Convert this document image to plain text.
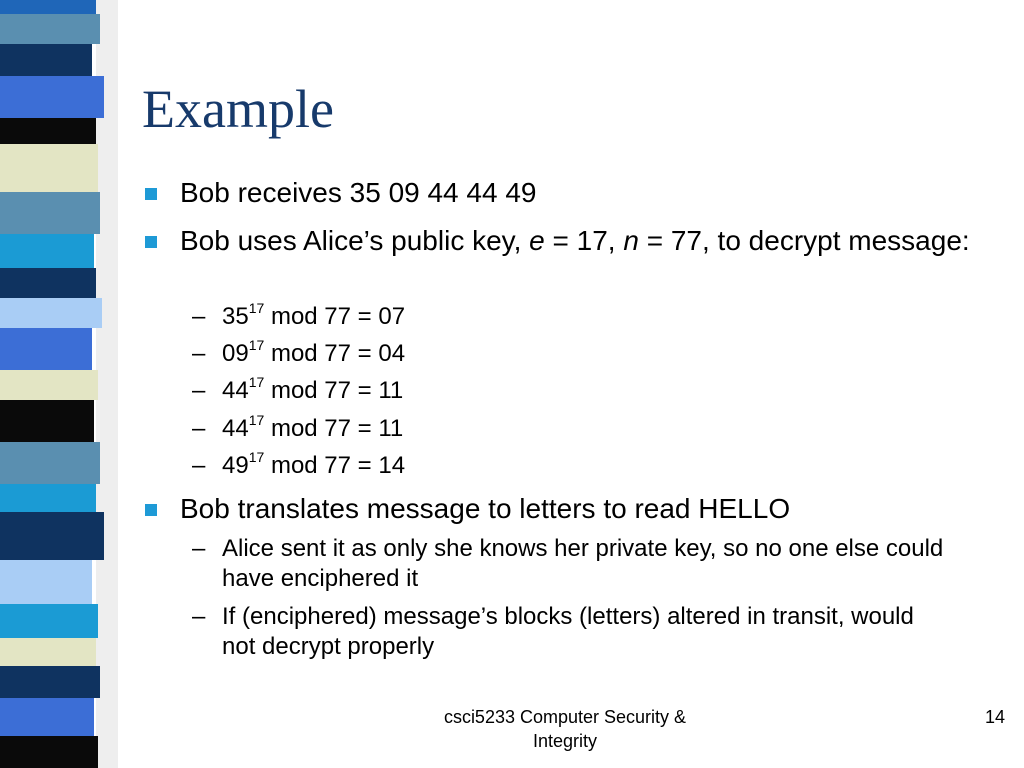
Example
Bob receives 35 09 44 44 49
Bob uses Alice’s public key, e = 17, n = 77, to decrypt message:
– $35^{17}$ mod 77 = 07
– $09^{17}$ mod 77 = 04
– $44^{17}$ mod 77 = 11
– $44^{17}$ mod 77 = 11
– $49^{17}$ mod 77 = 14
Bob translates message to letters to read HELLO
– Alice sent it as only she knows her private key, so no one else could have enciphered it
– If (enciphered) message’s blocks (letters) altered in transit, would not decrypt properly
csci5233 Computer Security & Integrity
14
